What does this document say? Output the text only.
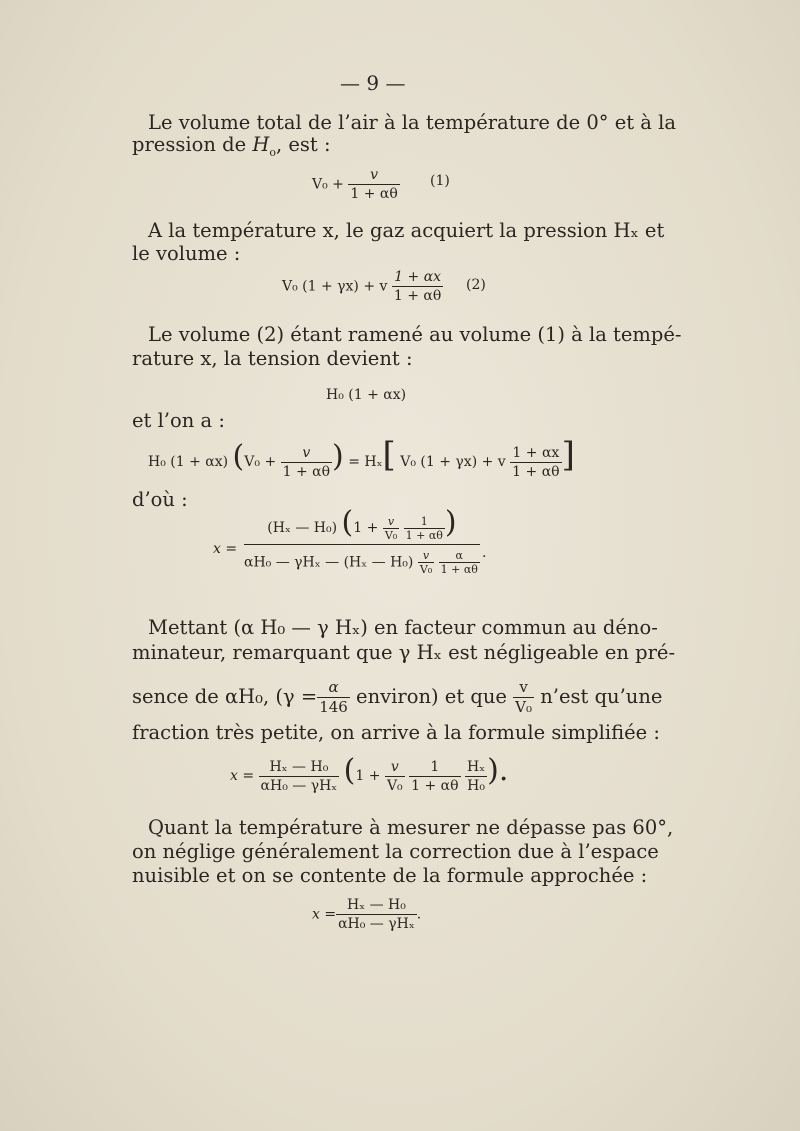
— 9 —
Le volume total de l’air à la température de 0° et à la
pression de $H_o$, est :
$V_0 + \frac{v}{1 + \alpha\theta} (1)$
A la température x, le gaz acquiert la pression Hₓ et
le volume :
V₀ (1 + γx) + v $\frac{1 + \alpha x}{1 + \alpha\theta} (2)$
Le volume (2) étant ramené au volume (1) à la tempé-
rature x, la tension devient :
H₀ (1 + αx)
et l’on a :
H₀ (1 + αx) ($V_0 + \frac{v}{1 + \alpha\theta}$ ) = Hₓ[ V₀ (1 + γx) + v $\frac{1 + \alpha x}{1 + \alpha\theta}$ ]
d’où :
x =
(Hₓ — H₀) ($1 + \frac{v}{\text{V₀}}$
$\frac{1}{1 + \alpha\theta}$ )
αH₀ — γHₓ — (Hₓ — $H_0) \frac{v}{\text{V₀}}$
$\frac{\alpha}{1 + \alpha\theta}$ .
Mettant (α H₀ — γ Hₓ) en facteur commun au déno-
minateur, remarquant que γ Hₓ est négligeable en pré-
sence de αH₀, ($\gamma = \frac{\alpha}{146}$ environ) et que $\frac{v}{\text{V₀}}$ n’est qu’une
fraction très petite, on arrive à la formule simplifiée :
$x = \frac{\text{Hₓ — H₀}}{\text{αH₀ — γHₓ}} (1 + \frac{v}{\text{V₀}}$
$\frac{1}{1 + \alpha\theta}$
$\frac{\text{Hₓ}}{\text{H₀}}$ ).
Quant la température à mesurer ne dépasse pas 60°,
on néglige généralement la correction due à l’espace
nuisible et on se contente de la formule approchée :
$x = \frac{\text{Hₓ — H₀}}{\text{αH₀ — γHₓ}}$ .
